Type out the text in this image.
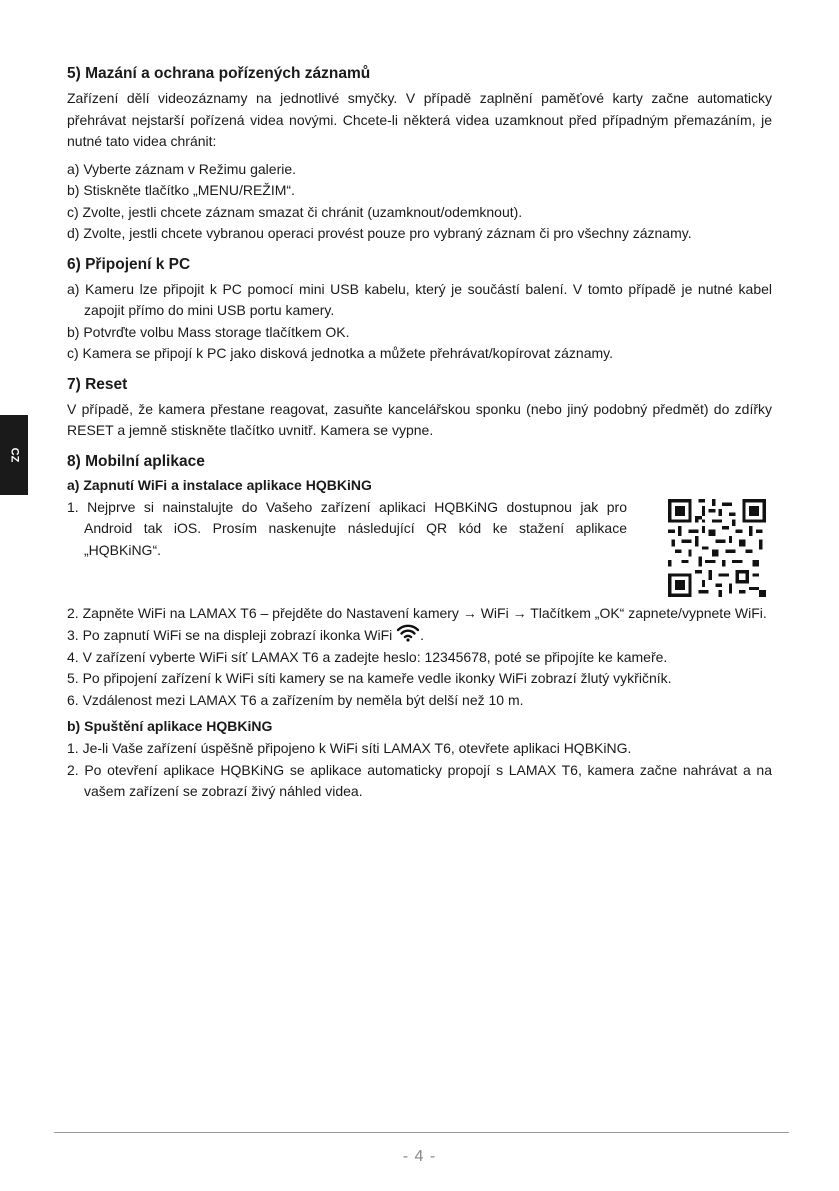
CZ
5) Mazání a ochrana pořízených záznamů

Zařízení dělí videozáznamy na jednotlivé smyčky. V případě zaplnění paměťové karty začne automaticky přehrávat nejstarší pořízená videa novými. Chcete-li některá videa uzamknout před případným přemazáním, je nutné tato videa chránit:

a) Vyberte záznam v Režimu galerie.
b) Stiskněte tlačítko „MENU/REŽIM“.
c) Zvolte, jestli chcete záznam smazat či chránit (uzamknout/odemknout).
d) Zvolte, jestli chcete vybranou operaci provést pouze pro vybraný záznam či pro všechny záznamy.
6) Připojení k PC
a) Kameru lze připojit k PC pomocí mini USB kabelu, který je součástí balení. V tomto případě je nutné kabel zapojit přímo do mini USB portu kamery.
b) Potvrďte volbu Mass storage tlačítkem OK.
c) Kamera se připojí k PC jako disková jednotka a můžete přehrávat/kopírovat záznamy.
7) Reset

V případě, že kamera přestane reagovat, zasuňte kancelářskou sponku (nebo jiný podobný předmět) do zdířky RESET a jemně stiskněte tlačítko uvnitř. Kamera se vypne.

8) Mobilní aplikace
a) Zapnutí WiFi a instalace aplikace HQBKiNG
1. Nejprve si nainstalujte do Vašeho zařízení aplikaci HQBKiNG dostupnou jak pro Android tak iOS. Prosím naskenujte následující QR kód ke stažení aplikace „HQBKiNG“.
2. Zapněte WiFi na LAMAX T6 – přejděte do Nastavení kamery → WiFi → Tlačítkem „OK“ zapnete/vypnete WiFi.
3. Po zapnutí WiFi se na displeji zobrazí ikonka WiFi .
4. V zařízení vyberte WiFi síť LAMAX T6 a zadejte heslo: 12345678, poté se připojíte ke kameře.
5. Po připojení zařízení k WiFi síti kamery se na kameře vedle ikonky WiFi zobrazí žlutý vykřičník.
6. Vzdálenost mezi LAMAX T6 a zařízením by neměla být delší než 10 m.
b) Spuštění aplikace HQBKiNG
1. Je-li Vaše zařízení úspěšně připojeno k WiFi síti LAMAX T6, otevřete aplikaci HQBKiNG.
2. Po otevření aplikace HQBKiNG se aplikace automaticky propojí s LAMAX T6, kamera začne nahrávat a na vašem zařízení se zobrazí živý náhled videa.
- 4 -
